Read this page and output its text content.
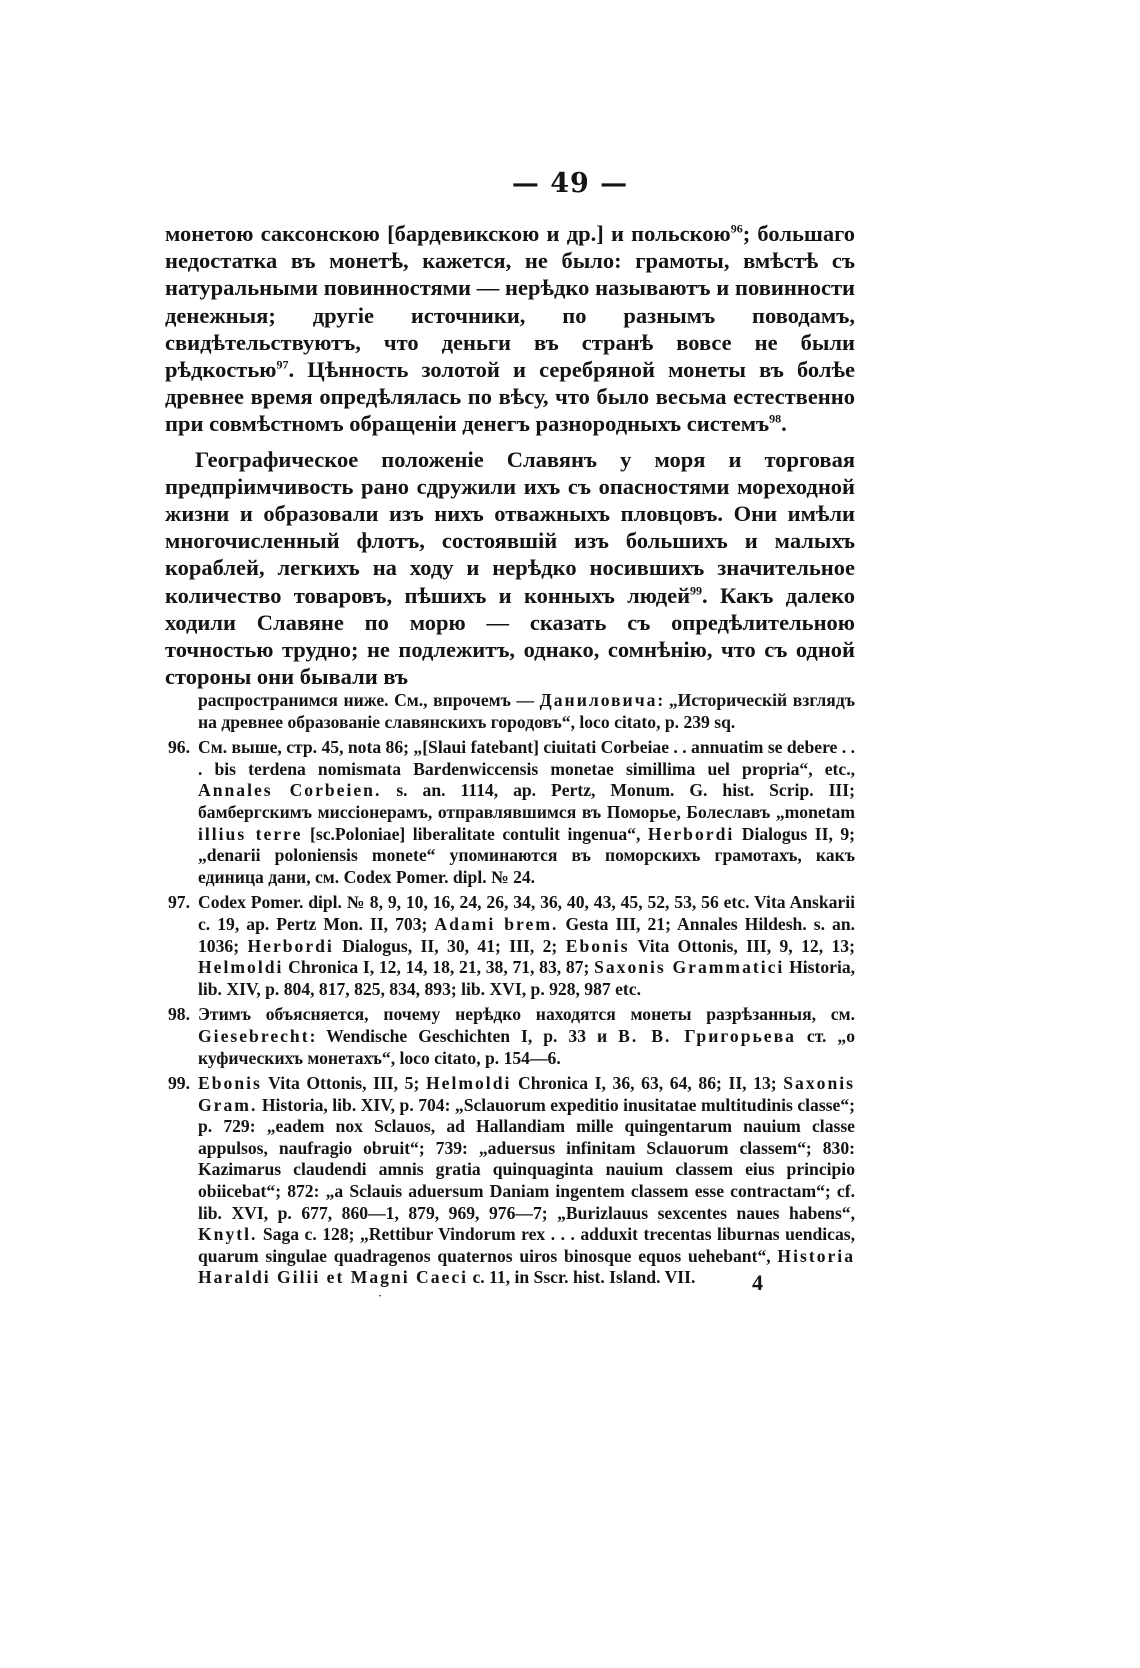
— 49 —

монетою саксонскою [бардевикскою и др.] и польскою$^{96}$; большаго недостатка въ монетѣ, кажется, не было: грамоты, вмѣстѣ съ натуральными повинностями — нерѣдко называютъ и повинности денежныя; другіе источники, по разнымъ поводамъ, свидѣтельствуютъ, что деньги въ странѣ вовсе не были рѣдкостью$^{97}$. Цѣнность золотой и серебряной монеты въ болѣе древнее время опредѣлялась по вѣсу, что было весьма естественно при совмѣстномъ обращеніи денегъ разнородныхъ системъ$^{98}$.

Географическое положеніе Славянъ у моря и торговая предпріимчивость рано сдружили ихъ съ опасностями мореходной жизни и образовали изъ нихъ отважныхъ пловцовъ. Они имѣли многочисленный флотъ, состоявшій изъ большихъ и малыхъ кораблей, легкихъ на ходу и нерѣдко носившихъ значительное количество товаровъ, пѣшихъ и конныхъ людей$^{99}$. Какъ далеко ходили Славяне по морю — сказать съ опредѣлительною точностью трудно; не подлежитъ, однако, сомнѣнію, что съ одной стороны они бывали въ

распространимся ниже. См., впрочемъ — Даниловича: „Историческій взглядъ на древнее образованіе славянскихъ городовъ“, loco citato, p. 239 sq.
96. См. выше, стр. 45, nota 86; „[Slaui fatebant] ciuitati Corbeiae . . annuatim se debere . . . bis terdena nomismata Bardenwiccensis monetae simillima uel propria“, etc., Annales Corbeien. s. an. 1114, ap. Pertz, Monum. G. hist. Scrip. III; бамбергскимъ миссіонерамъ, отправлявшимся въ Поморье, Болеславъ „monetam illius terre [sc.Poloniae] liberalitate contulit ingenua“, Herbordi Dialogus II, 9; „denarii poloniensis monete“ упоминаются въ поморскихъ грамотахъ, какъ единица дани, см. Codex Pomer. dipl. № 24.
97. Codex Pomer. dipl. № 8, 9, 10, 16, 24, 26, 34, 36, 40, 43, 45, 52, 53, 56 etc. Vita Anskarii c. 19, ap. Pertz Mon. II, 703; Adami brem. Gesta III, 21; Annales Hildesh. s. an. 1036; Herbordi Dialogus, II, 30, 41; III, 2; Ebonis Vita Ottonis, III, 9, 12, 13; Helmoldi Chronica I, 12, 14, 18, 21, 38, 71, 83, 87; Saxonis Grammatici Historia, lib. XIV, p. 804, 817, 825, 834, 893; lib. XVI, p. 928, 987 etc.
98. Этимъ объясняется, почему нерѣдко находятся монеты разрѣзанныя, см. Giesebrecht: Wendische Geschichten I, p. 33 и В. В. Григорьева ст. „о куфическихъ монетахъ“, loco citato, p. 154—6.
99. Ebonis Vita Ottonis, III, 5; Helmoldi Chronica I, 36, 63, 64, 86; II, 13; Saxonis Gram. Historia, lib. XIV, p. 704: „Sclauorum expeditio inusitatae multitudinis classe“; p. 729: „eadem nox Sclauos, ad Hallandiam mille quingentarum nauium classe appulsos, naufragio obruit“; 739: „aduersus infinitam Sclauorum classem“; 830: Kazimarus claudendi amnis gratia quinquaginta nauium classem eius principio obiicebat“; 872: „a Sclauis aduersum Daniam ingentem classem esse contractam“; cf. lib. XVI, p. 677, 860—1, 879, 969, 976—7; „Burizlauus sexcentes naues habens“, Knytl. Saga c. 128; „Rettibur Vindorum rex . . . adduxit trecentas liburnas uendicas, quarum singulae quadragenos quaternos uiros binosque equos uehebant“, Historia Haraldi Gilii et Magni Caeci c. 11, in Sscr. hist. Island. VII.
·
4
